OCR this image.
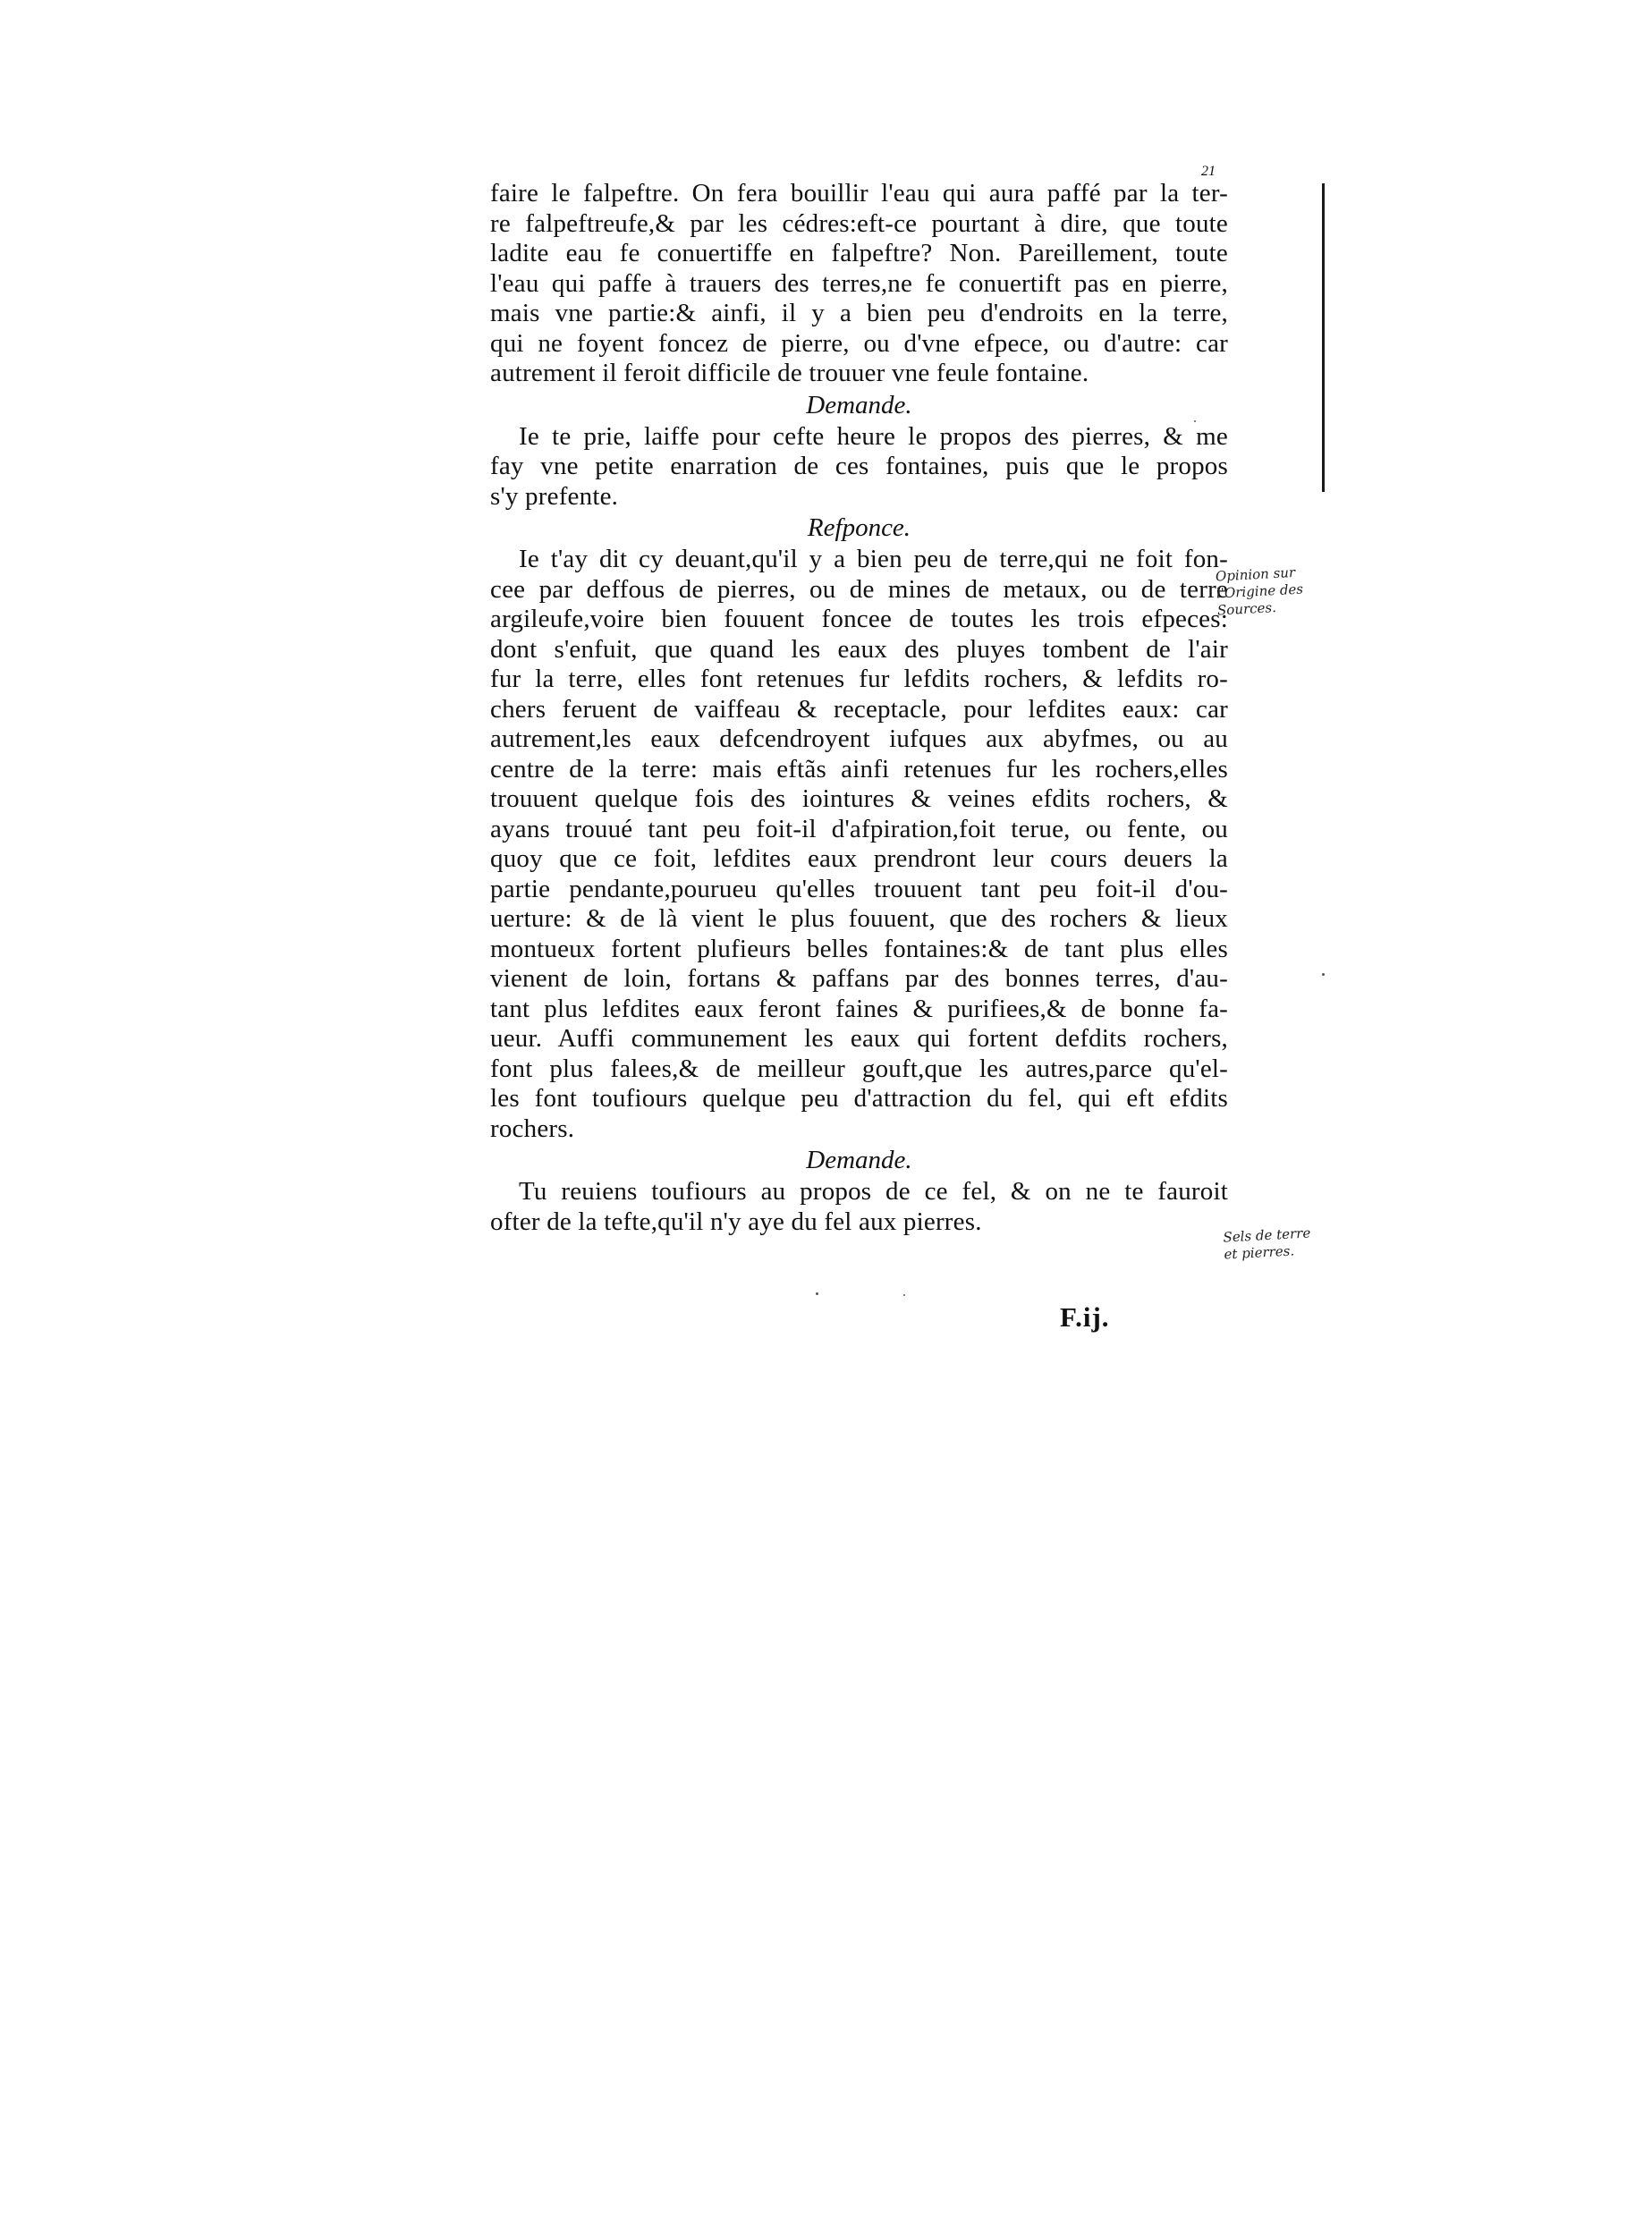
21
faire le falpeftre. On fera bouillir l'eau qui aura paffé par la ter-
re falpeftreufe,& par les cédres:eft-ce pourtant à dire, que toute
ladite eau fe conuertiffe en falpeftre? Non. Pareillement, toute
l'eau qui paffe à trauers des terres,ne fe conuertift pas en pierre,
mais vne partie:& ainfi, il y a bien peu d'endroits en la terre,
qui ne foyent foncez de pierre, ou d'vne efpece, ou d'autre: car
autrement il feroit difficile de trouuer vne feule fontaine.
Demande.
Ie te prie, laiffe pour cefte heure le propos des pierres, & me
fay vne petite enarration de ces fontaines, puis que le propos
s'y prefente.
Refponce.
Ie t'ay dit cy deuant,qu'il y a bien peu de terre,qui ne foit fon-
cee par deffous de pierres, ou de mines de metaux, ou de terre
argileufe,voire bien fouuent foncee de toutes les trois efpeces:
dont s'enfuit, que quand les eaux des pluyes tombent de l'air
fur la terre, elles font retenues fur lefdits rochers, & lefdits ro-
chers feruent de vaiffeau & receptacle, pour lefdites eaux: car
autrement,les eaux defcendroyent iufques aux abyfmes, ou au
centre de la terre: mais eftãs ainfi retenues fur les rochers,elles
trouuent quelque fois des iointures & veines efdits rochers, &
ayans trouué tant peu foit-il d'afpiration,foit terue, ou fente, ou
quoy que ce foit, lefdites eaux prendront leur cours deuers la
partie pendante,pourueu qu'elles trouuent tant peu foit-il d'ou-
uerture: & de là vient le plus fouuent, que des rochers & lieux
montueux fortent plufieurs belles fontaines:& de tant plus elles
vienent de loin, fortans & paffans par des bonnes terres, d'au-
tant plus lefdites eaux feront faines & purifiees,& de bonne fa-
ueur. Auffi communement les eaux qui fortent defdits rochers,
font plus falees,& de meilleur gouft,que les autres,parce qu'el-
les font toufiours quelque peu d'attraction du fel, qui eft efdits
rochers.
Demande.
Tu reuiens toufiours au propos de ce fel, & on ne te fauroit
ofter de la tefte,qu'il n'y aye du fel aux pierres.
F.ij.
Opinion sur
l'Origine des
Sources.
Sels de terre
et pierres.
